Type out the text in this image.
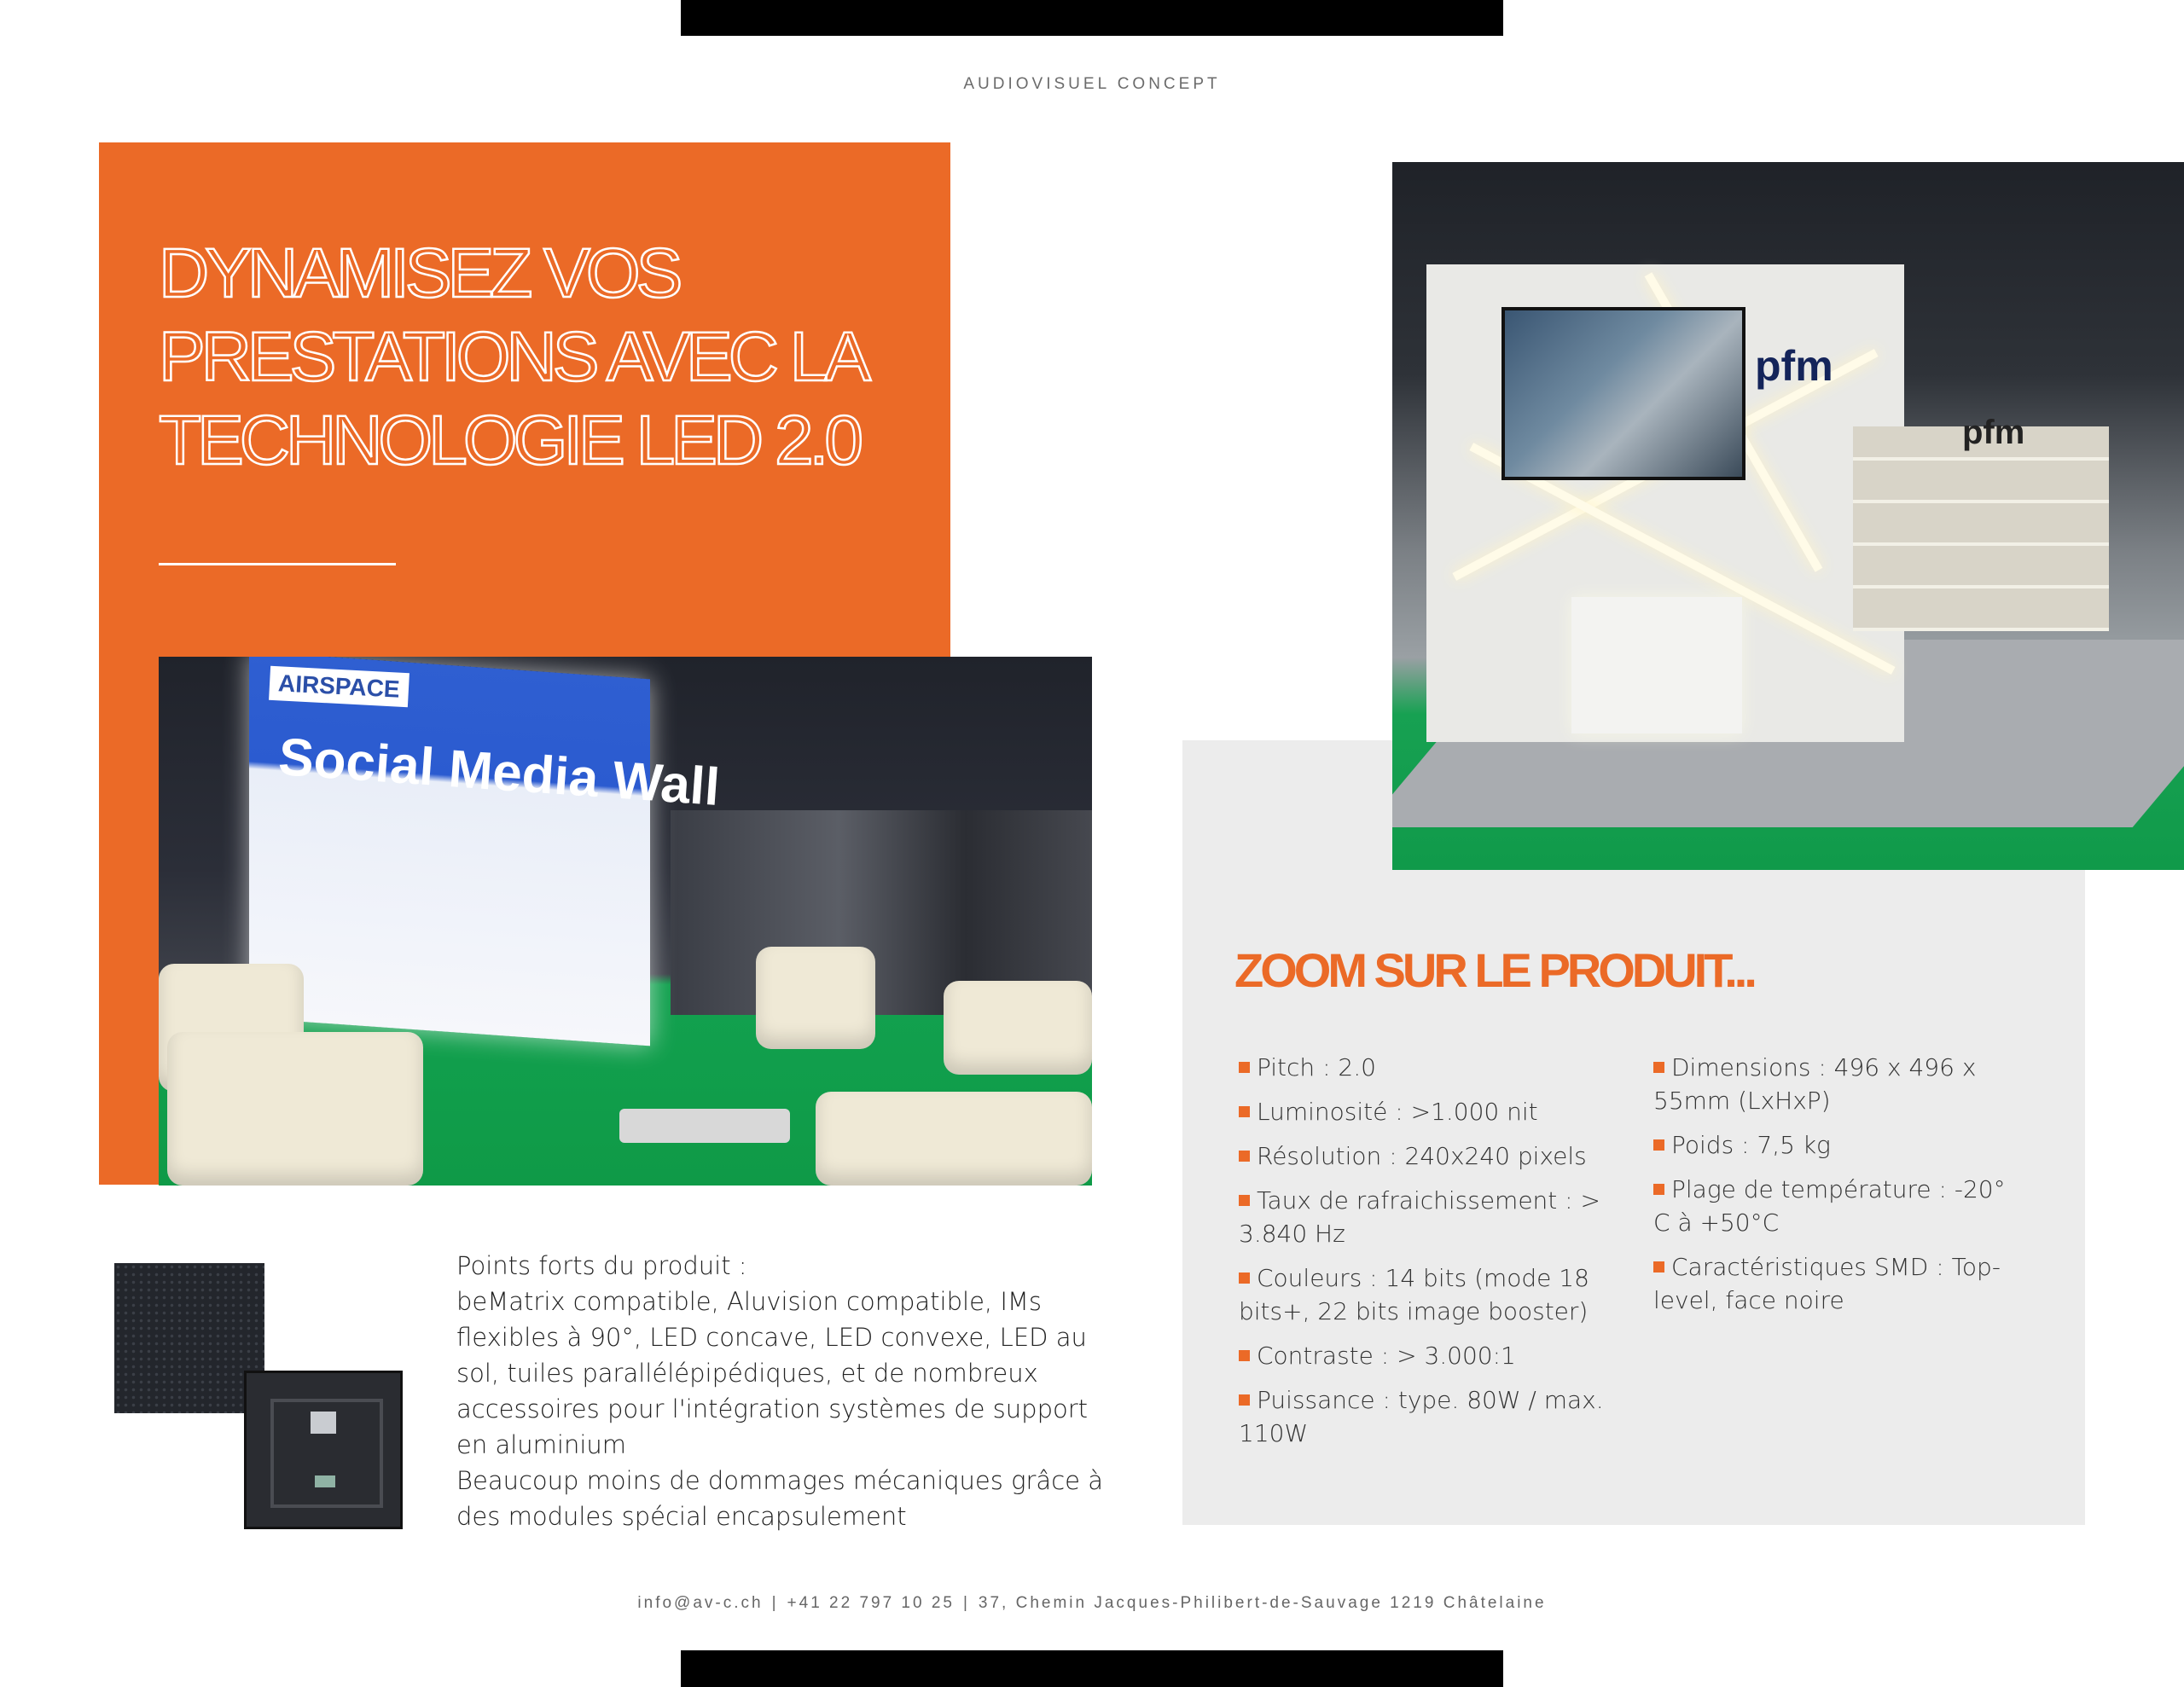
AUDIOVISUEL CONCEPT
DYNAMISEZ VOS
PRESTATIONS AVEC LA
TECHNOLOGIE LED 2.0
AIRSPACE
Social Media Wall
pfm
pfm
ZOOM SUR LE PRODUIT...
Pitch : 2.0
Luminosité : >1.000 nit
Résolution : 240x240 pixels
Taux de rafraichissement : > 3.840 Hz
Couleurs : 14 bits (mode 18 bits+, 22 bits image booster)
Contraste : > 3.000:1
Puissance : type. 80W / max. 110W
Dimensions : 496 x 496 x 55mm (LxHxP)
Poids : 7,5 kg
Plage de température : -20° C à +50°C
Caractéristiques SMD : Top-level, face noire

Points forts du produit :

beMatrix compatible, Aluvision compatible, IMs flexibles à 90°, LED concave, LED convexe, LED au sol, tuiles parallélépipédiques, et de nombreux accessoires pour l'intégration systèmes de support en aluminium

Beaucoup moins de dommages mécaniques grâce à des modules spécial encapsulement

info@av-c.ch | +41 22 797 10 25 | 37, Chemin Jacques-Philibert-de-Sauvage 1219 Châtelaine
